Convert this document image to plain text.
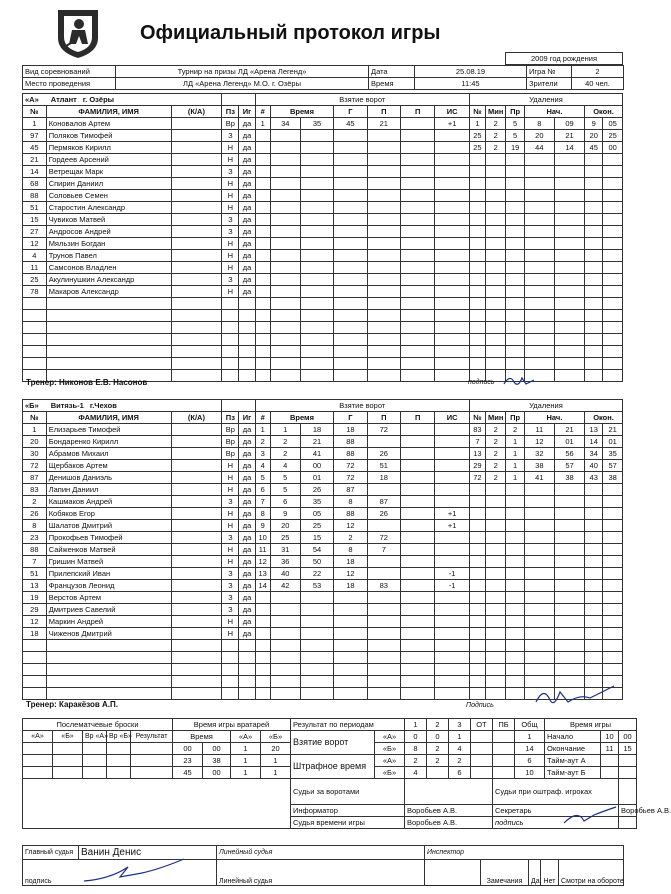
Официальный протокол игры
2009 год рождения
Вид соревнований	Турнир на призы ЛД «Арена Легенд»	Дата	25.08.19	Игра №	2
Место проведения	ЛД «Арена Легенд» М.О. г. Озёры	Время	11:45	Зрители	40 чел.
«А» Атлант г. Озёры					Взятие ворот							Удаления						
№	ФАМИЛИЯ, ИМЯ	(К/А)	Пз	Иг	#	Время		Г	П	П	ИС	№	Мин	Пр	Нач.		Окон.	
1	Коновалов Артем		Вр	да	1	34	35	45	21		+1	1	2	5	8	09	9	05
97	Поляков Тимофей		З	да								25	2	5	20	21	20	25
45	Пермяков Кирилл		Н	да								25	2	19	44	14	45	00
21	Гордеев Арсений		Н	да														
14	Ветрещак Марк		З	да														
68	Спирин Даниил		Н	да														
88	Соловьев Семен		Н	да														
51	Старостин Александр		Н	да														
15	Чувиков Матвей		З	да														
27	Андросов Андрей		З	да														
12	Мяльзин Богдан		Н	да														
4	Трунов Павел		Н	да														
11	Самсонов Владлен		Н	да														
25	Акулинушкин Александр		З	да														
78	Макаров Александр		Н	да														

Тренер: Никонов Е.В. Насонов	подпись
«Б» Витязь-1 г.Чехов					Взятие ворот							Удаления						
№	ФАМИЛИЯ, ИМЯ	(К/А)	Пз	Иг	#	Время		Г	П	П	ИС	№	Мин	Пр	Нач.		Окон.	
1	Елизарьев Тимофей		Вр	да	1	1	18	18	72			83	2	2	11	21	13	21
20	Бондаренко Кирилл		Вр	да	2	2	21	88				7	2	1	12	01	14	01
30	Абрамов Михаил		Вр	да	3	2	41	88	26			13	2	1	32	56	34	35
72	Щербаков Артем		Н	да	4	4	00	72	51			29	2	1	38	57	40	57
87	Денишов Даниэль		Н	да	5	5	01	72	18			72	2	1	41	38	43	38
83	Лапин Даниил		Н	да	6	5	26	87										
2	Кашмаков Андрей		З	да	7	6	35	8	87									
26	Кобяков Егор		Н	да	8	9	05	88	26		+1							
8	Шалатов Дмитрий		Н	да	9	20	25	12			+1							
23	Прокофьев Тимофей		З	да	10	25	15	2	72									
88	Сайженков Матвей		Н	да	11	31	54	8	7									
7	Гришин Матвей		Н	да	12	36	50	18										
51	Прилепский Иван		З	да	13	40	22	12			-1							
13	Французов Леонид		З	да	14	42	53	18	83		-1							
19	Верстов Артем		З	да														
29	Дмитриев Савелий		З	да														
12	Маркин Андрей		Н	да														
18	Чиженов Дмитрий		Н	да														

Тренер: Каракёзов А.П.	Подпись
Послематчевые броски					Время игры вратарей				Результат по периодам		1	2	3	ОТ	ПБ	Общ	Время игры		
«А»	«Б»	Вр «А»	Вр «Б»	Результат	Время		«А»	«Б»	Взятие ворот	«А»	0	0	1			1	Начало	10	00
					00	00	1	20		«Б»	8	2	4			14	Окончание	11	15
					23	38	1	1	Штрафное время	«А»	2	2	2			6	Тайм-аут А		
					45	00	1	1		«Б»	4		6			10	Тайм-аут Б		
									Судьи за воротами						Судьи при оштраф. игроках				
									Информатор		Воробьев А.В.				Секретарь				Воробьев А.В.
									Судья времени игры		Воробьев А.В.				подпись				
Главный судья	Ванин Денис	Линейный судья	Инспектор				
подпись		Линейный судья		Замечания	Да	Нет	Смотри на обороте
